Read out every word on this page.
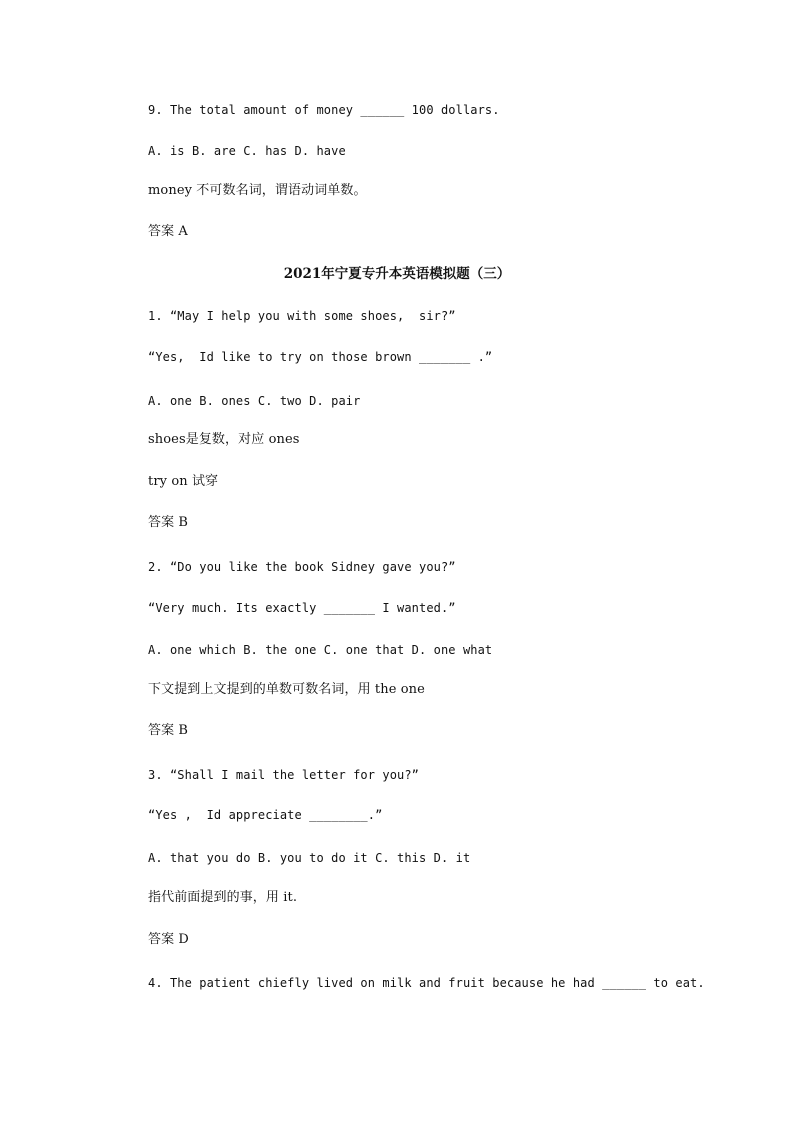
9. The total amount of money ______ 100 dollars.
A. is B. are C. has D. have
money 不可数名词，谓语动词单数。
答案 A
2021年宁夏专升本英语模拟题（三）
1. “May I help you with some shoes,  sir?”
“Yes,  Id like to try on those brown _______ .”
A. one B. ones C. two D. pair
shoes是复数，对应 ones
try on 试穿
答案 B
2. “Do you like the book Sidney gave you?”
“Very much. Its exactly _______ I wanted.”
A. one which B. the one C. one that D. one what
下文提到上文提到的单数可数名词，用 the one
答案 B
3. “Shall I mail the letter for you?”
“Yes ,  Id appreciate ________.”
A. that you do B. you to do it C. this D. it
指代前面提到的事，用 it.
答案 D
4. The patient chiefly lived on milk and fruit because he had ______ to eat.
